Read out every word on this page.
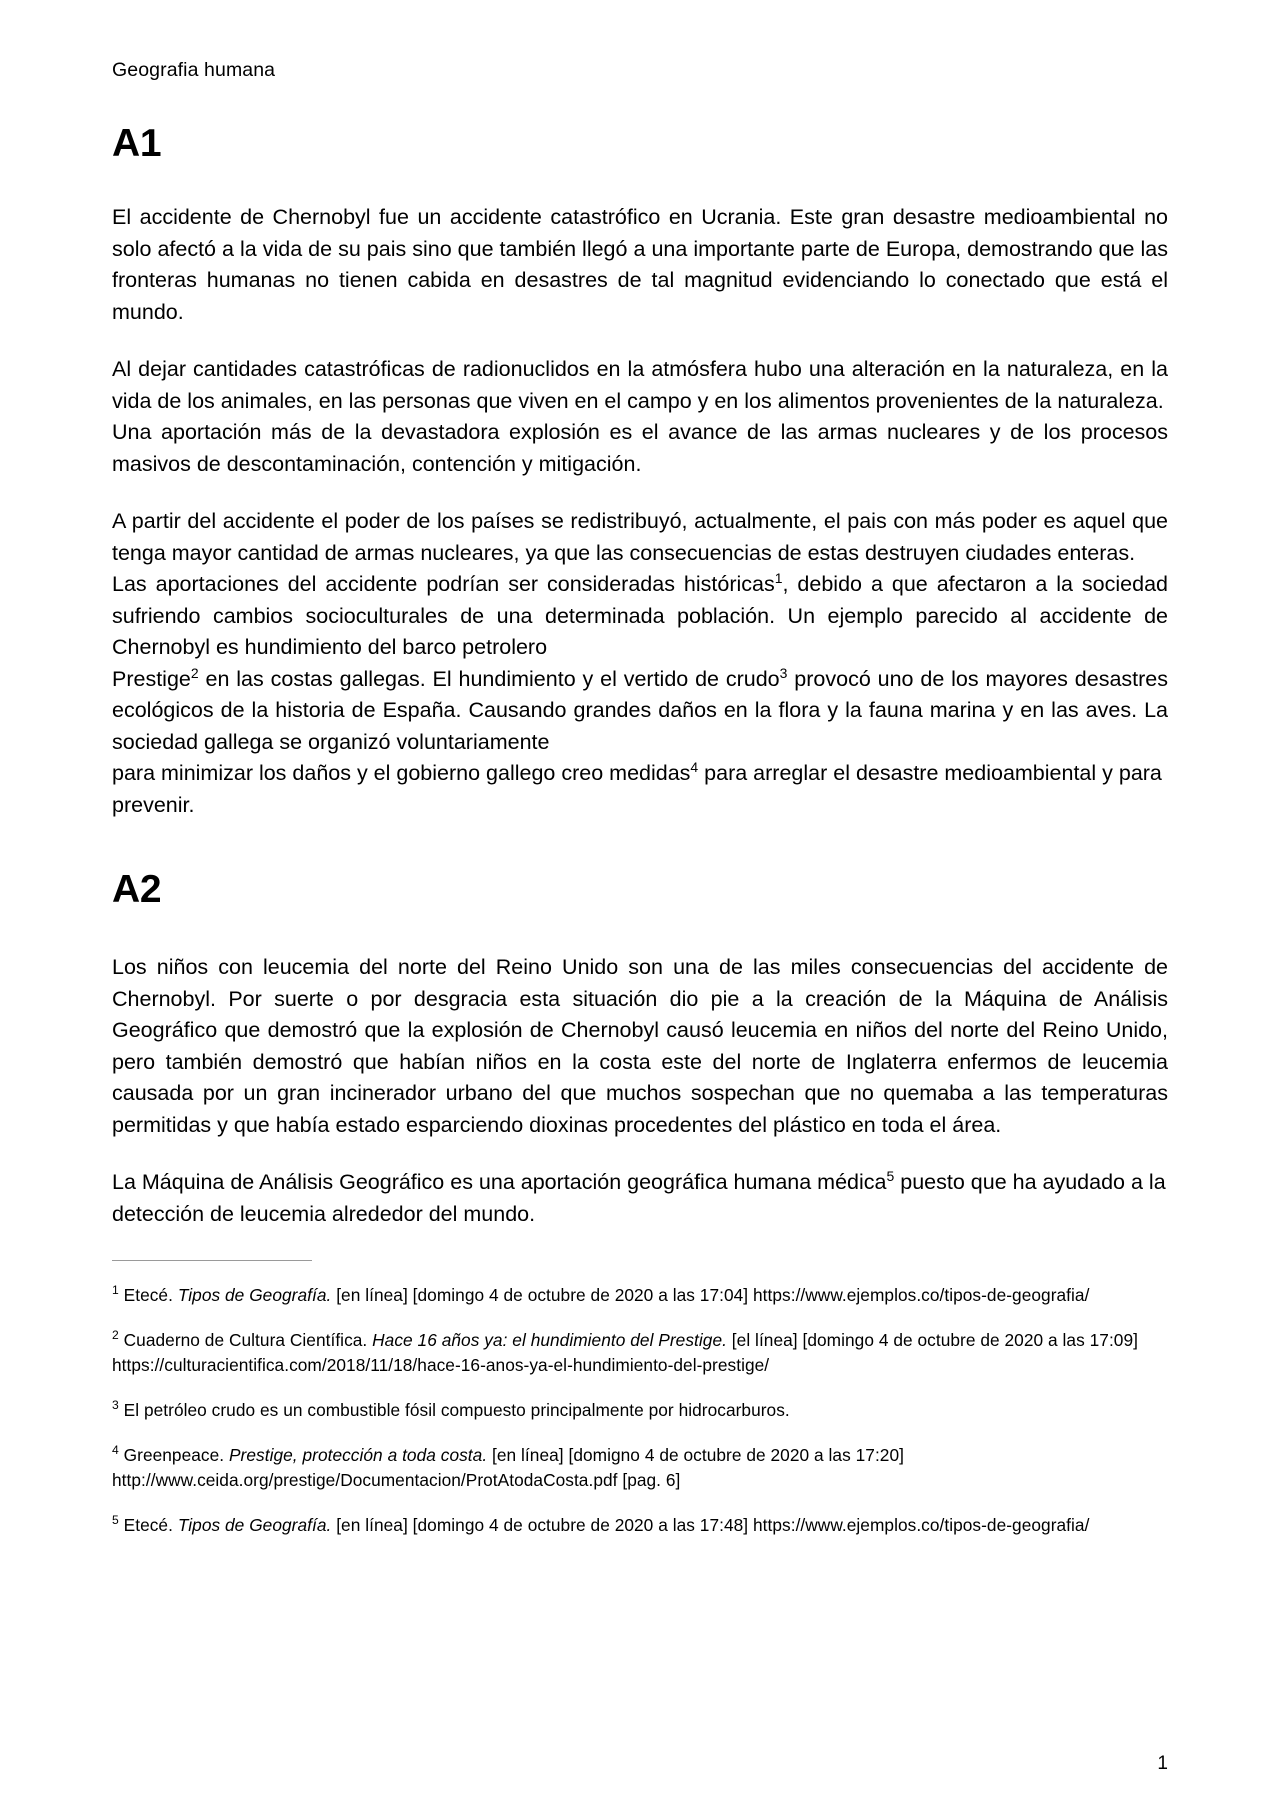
Geografia humana
A1

El accidente de Chernobyl fue un accidente catastrófico en Ucrania. Este gran desastre medioambiental no solo afectó a la vida de su pais sino que también llegó a una importante parte de Europa, demostrando que las fronteras humanas no tienen cabida en desastres de tal magnitud evidenciando lo conectado que está el mundo.

Al dejar cantidades catastróficas de radionuclidos en la atmósfera hubo una alteración en la naturaleza, en la vida de los animales, en las personas que viven en el campo y en los alimentos provenientes de la naturaleza.

Una aportación más de la devastadora explosión es el avance de las armas nucleares y de los procesos masivos de descontaminación, contención y mitigación.

A partir del accidente el poder de los países se redistribuyó, actualmente, el pais con más poder es aquel que tenga mayor cantidad de armas nucleares, ya que las consecuencias de estas destruyen ciudades enteras.

Las aportaciones del accidente podrían ser consideradas históricas$^1$, debido a que afectaron a la sociedad sufriendo cambios socioculturales de una determinada población. Un ejemplo parecido al accidente de Chernobyl es hundimiento del barco petrolero

Prestige$^2$ en las costas gallegas. El hundimiento y el vertido de crudo$^3$ provocó uno de los mayores desastres ecológicos de la historia de España. Causando grandes daños en la flora y la fauna marina y en las aves. La sociedad gallega se organizó voluntariamente

para minimizar los daños y el gobierno gallego creo medidas$^4$ para arreglar el desastre medioambiental y para prevenir.

A2

Los niños con leucemia del norte del Reino Unido son una de las miles consecuencias del accidente de Chernobyl. Por suerte o por desgracia esta situación dio pie a la creación de la Máquina de Análisis Geográfico que demostró que la explosión de Chernobyl causó leucemia en niños del norte del Reino Unido, pero también demostró que habían niños en la costa este del norte de Inglaterra enfermos de leucemia causada por un gran incinerador urbano del que muchos sospechan que no quemaba a las temperaturas permitidas y que había estado esparciendo dioxinas procedentes del plástico en toda el área.

La Máquina de Análisis Geográfico es una aportación geográfica humana médica$^5$ puesto que ha ayudado a la detección de leucemia alrededor del mundo.

$^1$ Etecé. Tipos de Geografía. [en línea] [domingo 4 de octubre de 2020 a las 17:04] https://www.ejemplos.co/tipos-de-geografia/

$^2$ Cuaderno de Cultura Científica. Hace 16 años ya: el hundimiento del Prestige. [el línea] [domingo 4 de octubre de 2020 a las 17:09] https://culturacientifica.com/2018/11/18/hace-16-anos-ya-el-hundimiento-del-prestige/

$^3$ El petróleo crudo es un combustible fósil compuesto principalmente por hidrocarburos.

$^4$ Greenpeace. Prestige, protección a toda costa. [en línea] [domigno 4 de octubre de 2020 a las 17:20] http://www.ceida.org/prestige/Documentacion/ProtAtodaCosta.pdf [pag. 6]

$^5$ Etecé. Tipos de Geografía. [en línea] [domingo 4 de octubre de 2020 a las 17:48] https://www.ejemplos.co/tipos-de-geografia/

1
